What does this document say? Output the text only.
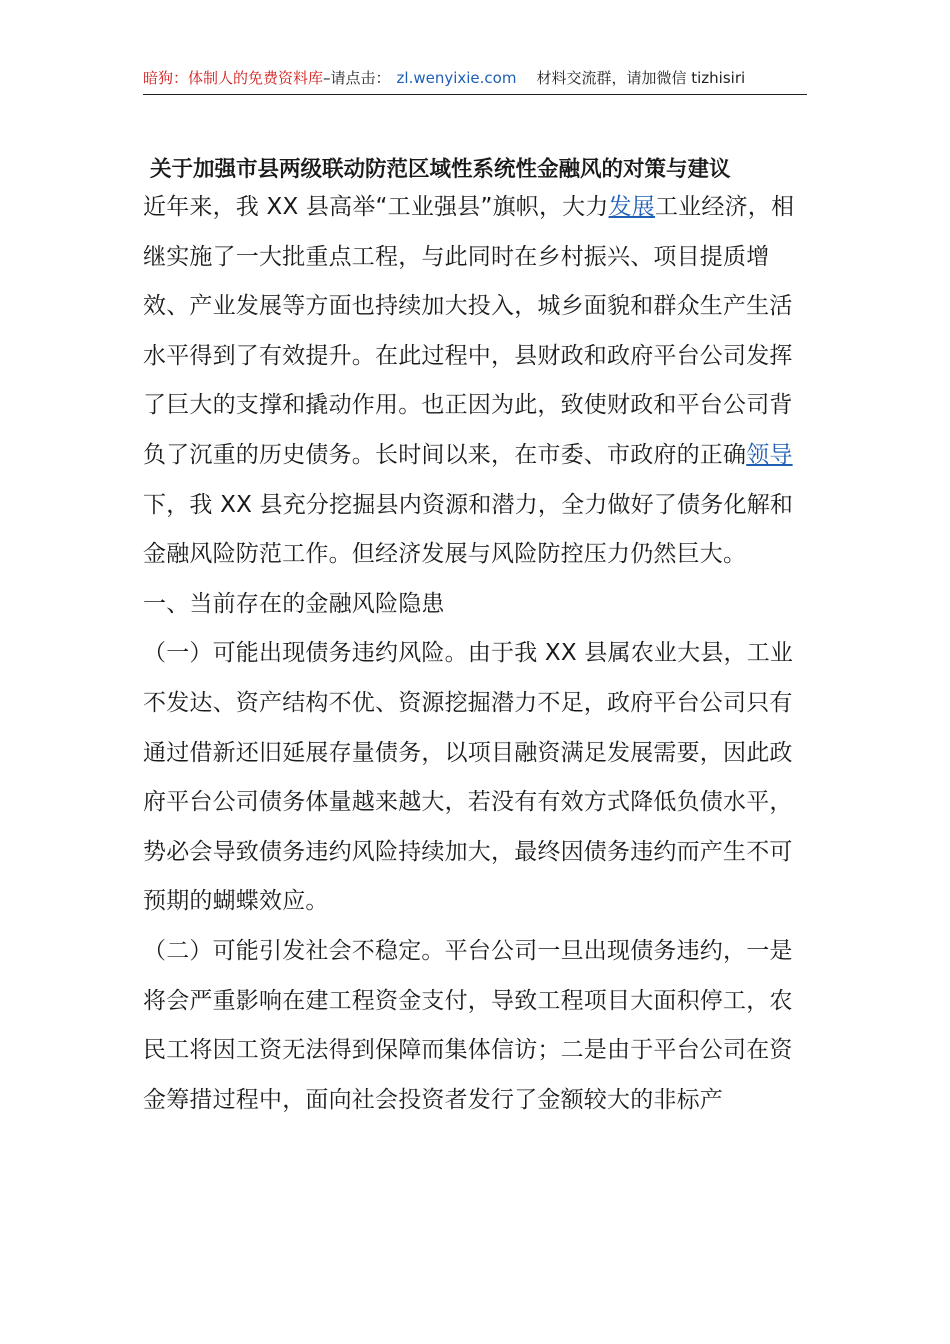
暗狗：体制人的免费资料库 –请点击： zl.wenyixie.com 材料交流群，请加微信 tizhisiri
关于加强市县两级联动防范区域性系统性金融风的对策与建议

近年来，我 XX 县高举“工业强县”旗帜，大力发展工业经济，相继实施了一大批重点工程，与此同时在乡村振兴、项目提质增效、产业发展等方面也持续加大投入，城乡面貌和群众生产生活水平得到了有效提升。在此过程中，县财政和政府平台公司发挥了巨大的支撑和撬动作用。也正因为此，致使财政和平台公司背负了沉重的历史债务。长时间以来，在市委、市政府的正确领导下，我 XX 县充分挖掘县内资源和潜力，全力做好了债务化解和金融风险防范工作。但经济发展与风险防控压力仍然巨大。

一、当前存在的金融风险隐患

（一）可能出现债务违约风险。由于我 XX 县属农业大县，工业不发达、资产结构不优、资源挖掘潜力不足，政府平台公司只有通过借新还旧延展存量债务，以项目融资满足发展需要，因此政府平台公司债务体量越来越大，若没有有效方式降低负债水平，势必会导致债务违约风险持续加大，最终因债务违约而产生不可预期的蝴蝶效应。

（二）可能引发社会不稳定。平台公司一旦出现债务违约，一是将会严重影响在建工程资金支付，导致工程项目大面积停工，农民工将因工资无法得到保障而集体信访；二是由于平台公司在资金筹措过程中，面向社会投资者发行了金额较大的非标产
